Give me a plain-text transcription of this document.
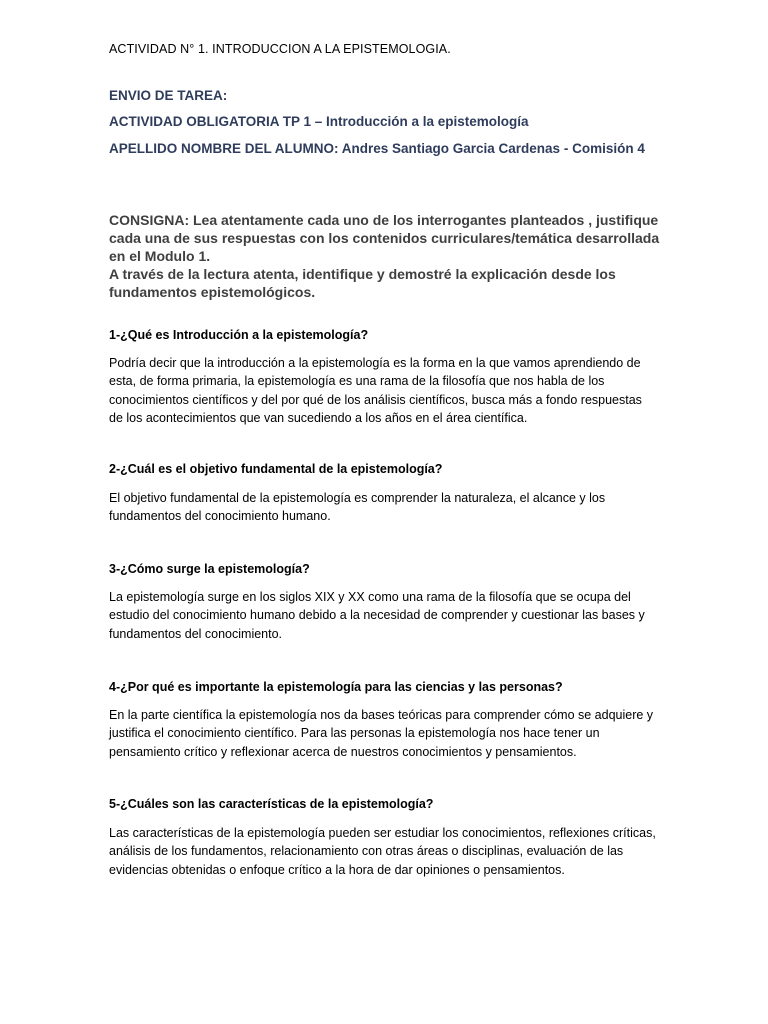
ACTIVIDAD N° 1. INTRODUCCION A LA EPISTEMOLOGIA.
ENVIO DE TAREA:
ACTIVIDAD OBLIGATORIA TP 1 – Introducción a la epistemología
APELLIDO NOMBRE DEL ALUMNO: Andres Santiago Garcia Cardenas - Comisión 4

CONSIGNA: Lea atentamente cada uno de los interrogantes planteados , justifique cada una de sus respuestas con los contenidos curriculares/temática desarrollada en el Modulo 1.

A través de la lectura atenta, identifique y demostré la explicación desde los fundamentos epistemológicos.

1-¿Qué es Introducción a la epistemología?
Podría decir que la introducción a la epistemología es la forma en la que vamos aprendiendo de esta, de forma primaria, la epistemología es una rama de la filosofía que nos habla de los conocimientos científicos y del por qué de los análisis científicos, busca más a fondo respuestas de los acontecimientos que van sucediendo a los años en el área científica.
2-¿Cuál es el objetivo fundamental de la epistemología?
El objetivo fundamental de la epistemología es comprender la naturaleza, el alcance y los fundamentos del conocimiento humano.
3-¿Cómo surge la epistemología?
La epistemología surge en los siglos XIX y XX como una rama de la filosofía que se ocupa del estudio del conocimiento humano debido a la necesidad de comprender y cuestionar las bases y fundamentos del conocimiento.
4-¿Por qué es importante la epistemología para las ciencias y las personas?
En la parte científica la epistemología nos da bases teóricas para comprender cómo se adquiere y justifica el conocimiento científico. Para las personas la epistemología nos hace tener un pensamiento crítico y reflexionar acerca de nuestros conocimientos y pensamientos.
5-¿Cuáles son las características de la epistemología?
Las características de la epistemología pueden ser estudiar los conocimientos, reflexiones críticas, análisis de los fundamentos, relacionamiento con otras áreas o disciplinas, evaluación de las evidencias obtenidas o enfoque crítico a la hora de dar opiniones o pensamientos.
